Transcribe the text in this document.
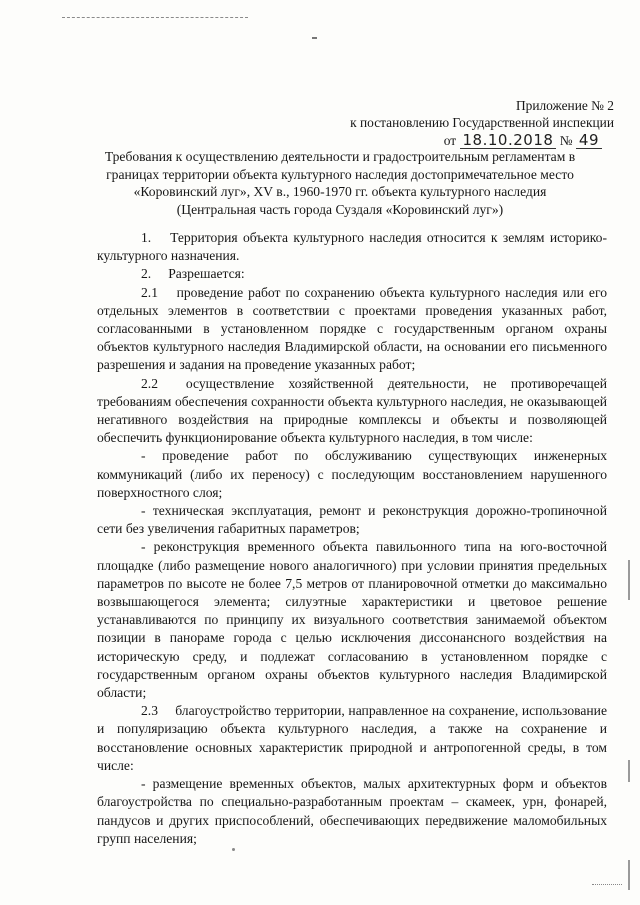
Приложение № 2
к постановлению Государственной инспекции
от 18.10.2018 № 49
Требования к осуществлению деятельности и градостроительным регламентам в
границах территории объекта культурного наследия достопримечательное место
«Коровинский луг», XV в., 1960-1970 гг. объекта культурного наследия
(Центральная часть города Суздаля «Коровинский луг»)

1.  Территория объекта культурного наследия относится к землям историко-культурного назначения.

2.  Разрешается:

2.1  проведение работ по сохранению объекта культурного наследия или его отдельных элементов в соответствии с проектами проведения указанных работ, согласованными в установленном порядке с государственным органом охраны объектов культурного наследия Владимирской области, на основании его письменного разрешения и задания на проведение указанных работ;

2.2  осуществление хозяйственной деятельности, не противоречащей требованиям обеспечения сохранности объекта культурного наследия, не оказывающей негативного воздействия на природные комплексы и объекты и позволяющей обеспечить функционирование объекта культурного наследия, в том числе:

- проведение работ по обслуживанию существующих инженерных коммуникаций (либо их переносу) с последующим восстановлением нарушенного поверхностного слоя;

- техническая эксплуатация, ремонт и реконструкция дорожно-тропиночной сети без увеличения габаритных параметров;

- реконструкция временного объекта павильонного типа на юго-восточной площадке (либо размещение нового аналогичного) при условии принятия предельных параметров по высоте не более 7,5 метров от планировочной отметки до максимально возвышающегося элемента; силуэтные характеристики и цветовое решение устанавливаются по принципу их визуального соответствия занимаемой объектом позиции в панораме города с целью исключения диссонансного воздействия на историческую среду, и подлежат согласованию в установленном порядке с государственным органом охраны объектов культурного наследия Владимирской области;

2.3  благоустройство территории, направленное на сохранение, использование и популяризацию объекта культурного наследия, а также на сохранение и восстановление основных характеристик природной и антропогенной среды, в том числе:

- размещение временных объектов, малых архитектурных форм и объектов благоустройства по специально-разработанным проектам – скамеек, урн, фонарей, пандусов и других приспособлений, обеспечивающих передвижение маломобильных групп населения;
